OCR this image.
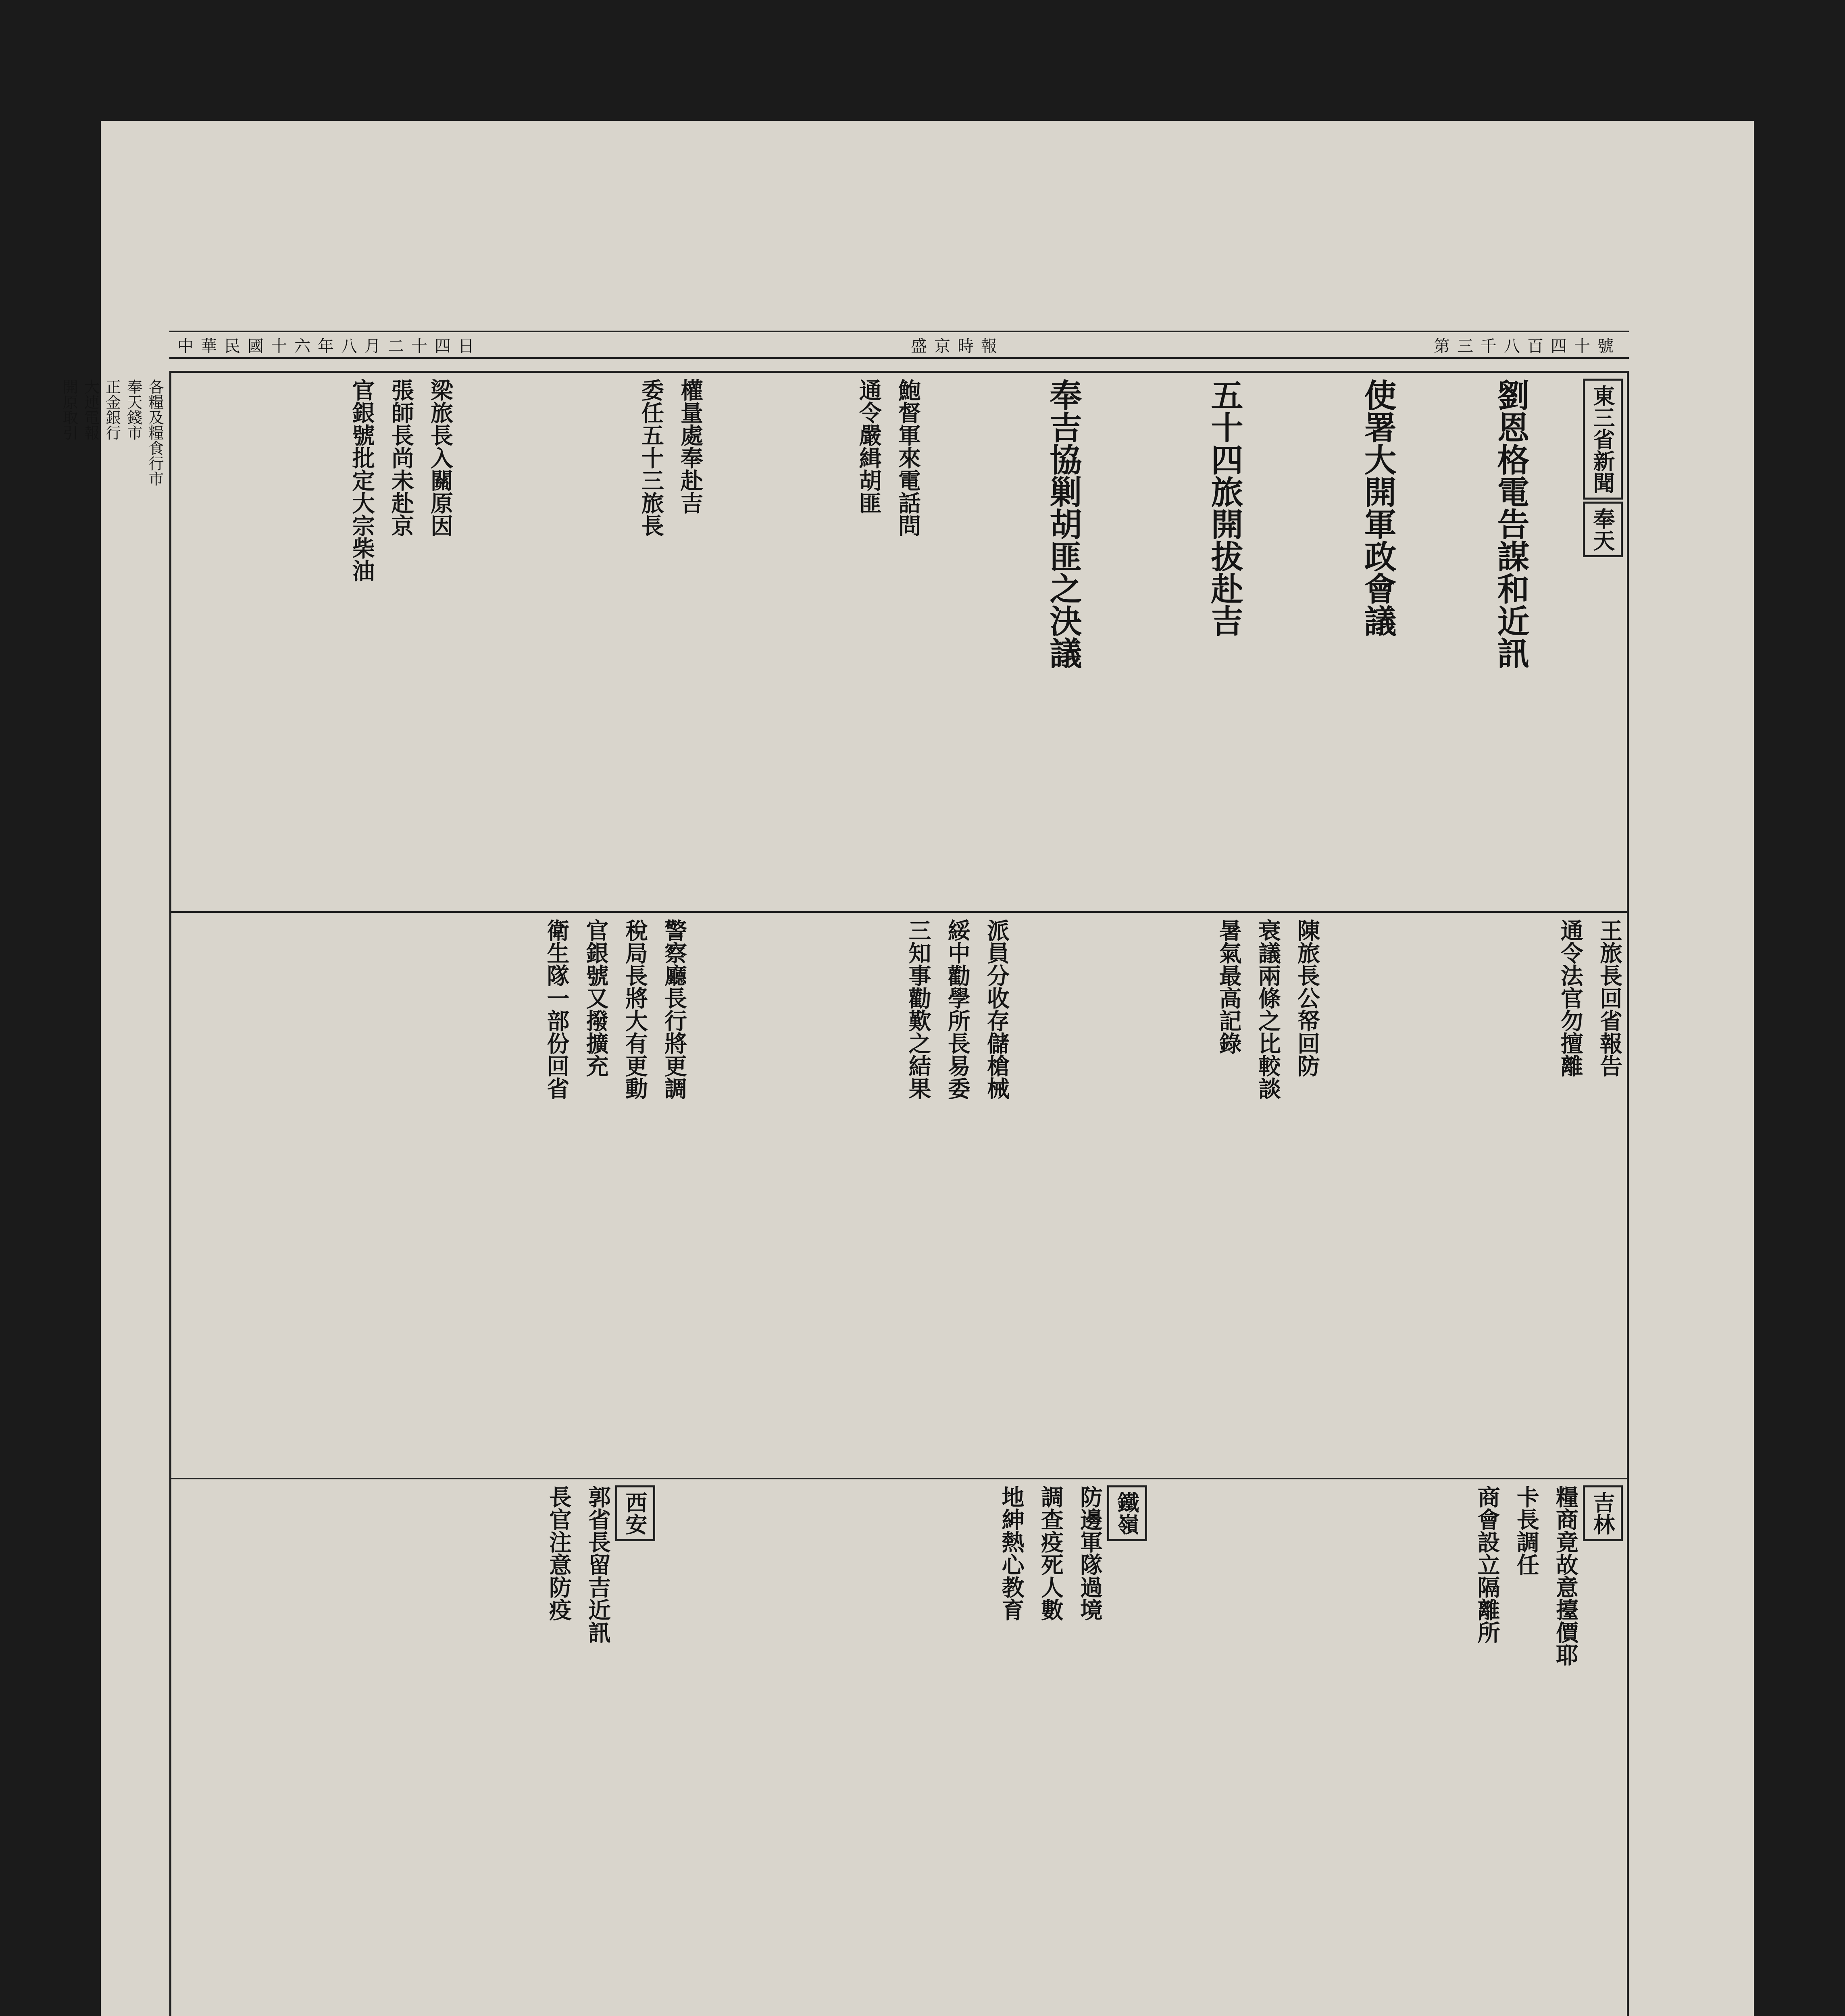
中華民國十六年八月二十四日	盛京時報	第三千八百四十號
各糧及糧食行市
奉天錢市
正金銀行
大連電報
開原取引	東三省新聞 奉天
劉恩格電告謀和近訊

使署大開軍政會議

五十四旅開拔赴吉

奉吉協剿胡匪之決議

鮑督軍來電話問
通令嚴緝胡匪
權量處奉赴吉
委任五十三旅長
梁旅長入關原因
張師長尚未赴京
官銀號批定大宗柴油
王旅長回省報告
通令法官勿擅離
陳旅長公帑回防
衰議兩條之比較談
暑氣最高記錄
派員分收存儲槍械
綏中勸學所長易委
三知事勸歎之結果
警察廳長行將更調
稅局長將大有更動
官銀號又撥擴充
衛生隊一部份回省
吉林
糧商竟故意擡價耶
卡長調任
商會設立隔離所
鐵嶺
防邊軍隊過境
調查疫死人數
地紳熱心教育
西安
郭省長留吉近訊
長官注意防疫
